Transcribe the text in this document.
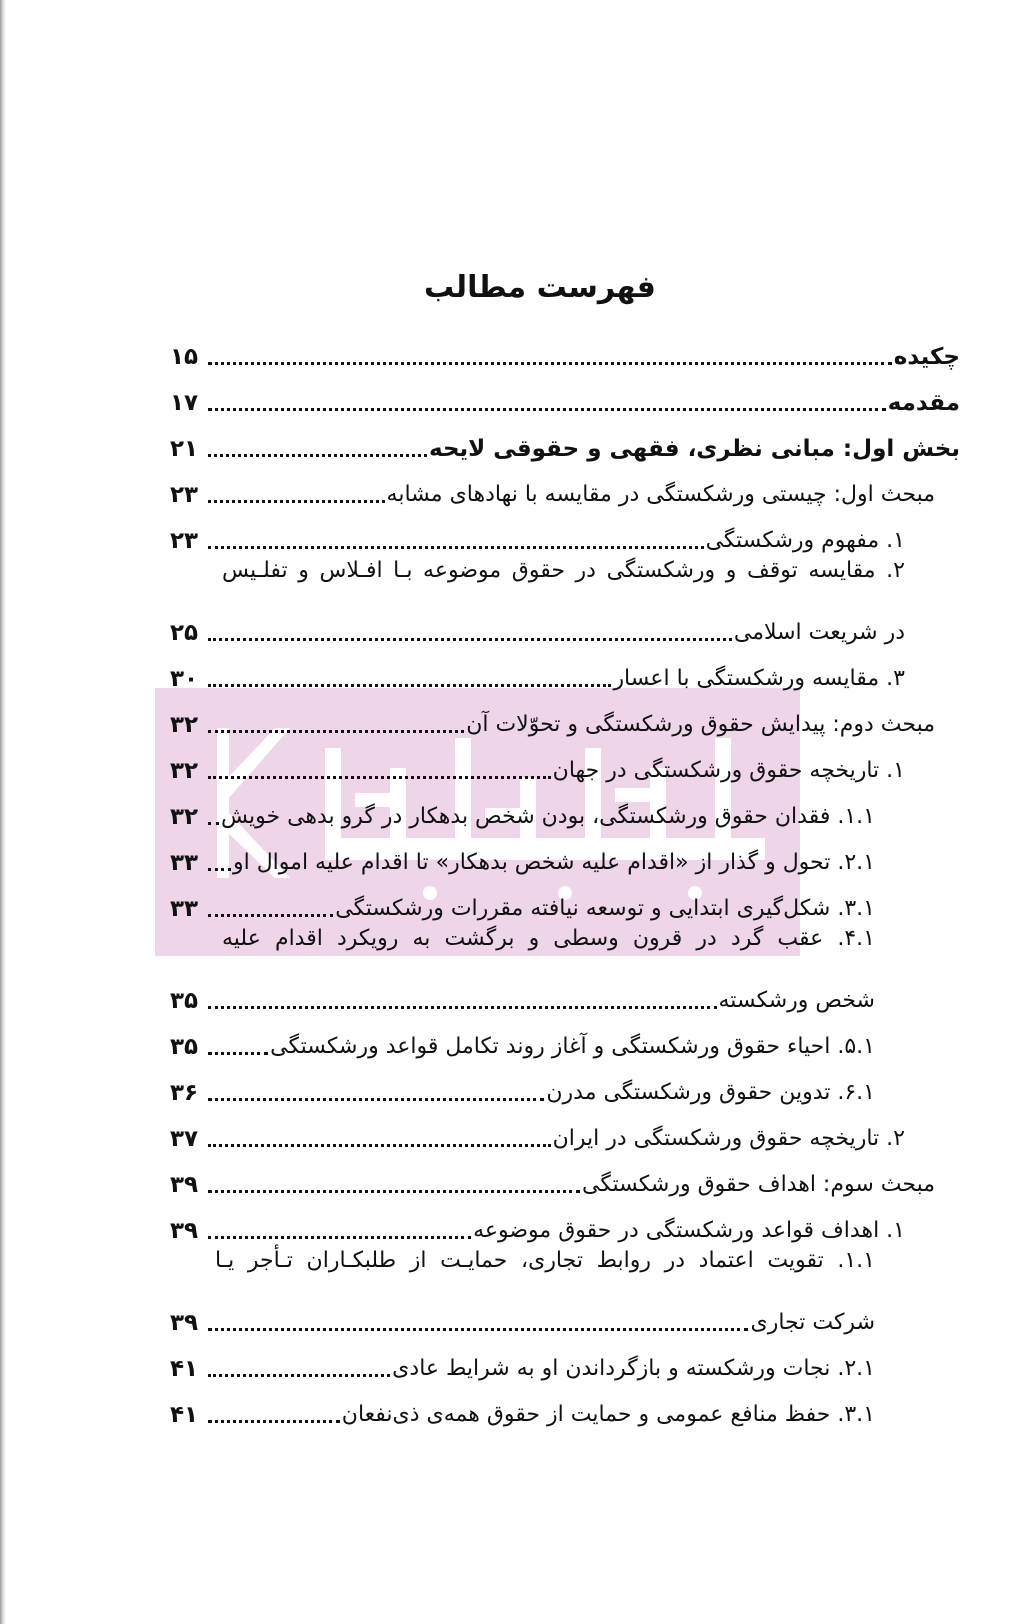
فهرست مطالب
چکیده
۱۵
مقدمه
۱۷
بخش اول: مبانی نظری، فقهی و حقوقی لایحه
۲۱
مبحث اول: چیستی ورشکستگی در مقایسه با نهادهای مشابه
۲۳
۱. مفهوم ورشکستگی
۲۳
۲. مقایسه توقف و ورشکستگی در حقوق موضوعه بـا افـلاس و تفلـیس
در شریعت اسلامی
۲۵
۳. مقایسه ورشکستگی با اعسار
۳۰
مبحث دوم: پیدایش حقوق ورشکستگی و تحوّلات آن
۳۲
۱. تاریخچه حقوق ورشکستگی در جهان
۳۲
۱.۱. فقدان حقوق ورشکستگی، بودن شخص بدهکار در گرو بدهی خویش
۳۲
۲.۱. تحول و گذار از «اقدام علیه شخص بدهکار» تا اقدام علیه اموال او
۳۳
۳.۱. شکل‌گیری ابتدایی و توسعه نیافته مقررات ورشکستگی
۳۳
۴.۱. عقب گرد در قرون وسطی و برگشت به رویکرد اقدام علیه
شخص ورشکسته
۳۵
۵.۱. احیاء حقوق ورشکستگی و آغاز روند تکامل قواعد ورشکستگی
۳۵
۶.۱. تدوین حقوق ورشکستگی مدرن
۳۶
۲. تاریخچه حقوق ورشکستگی در ایران
۳۷
مبحث سوم: اهداف حقوق ورشکستگی
۳۹
۱. اهداف قواعد ورشکستگی در حقوق موضوعه
۳۹
۱.۱. تقویت اعتماد در روابط تجاری، حمایـت از طلبکـاران تـأجر یـا
شرکت تجاری
۳۹
۲.۱. نجات ورشکسته و بازگرداندن او به شرایط عادی
۴۱
۳.۱. حفظ منافع عمومی و حمایت از حقوق همه‌ی ذی‌نفعان
۴۱
